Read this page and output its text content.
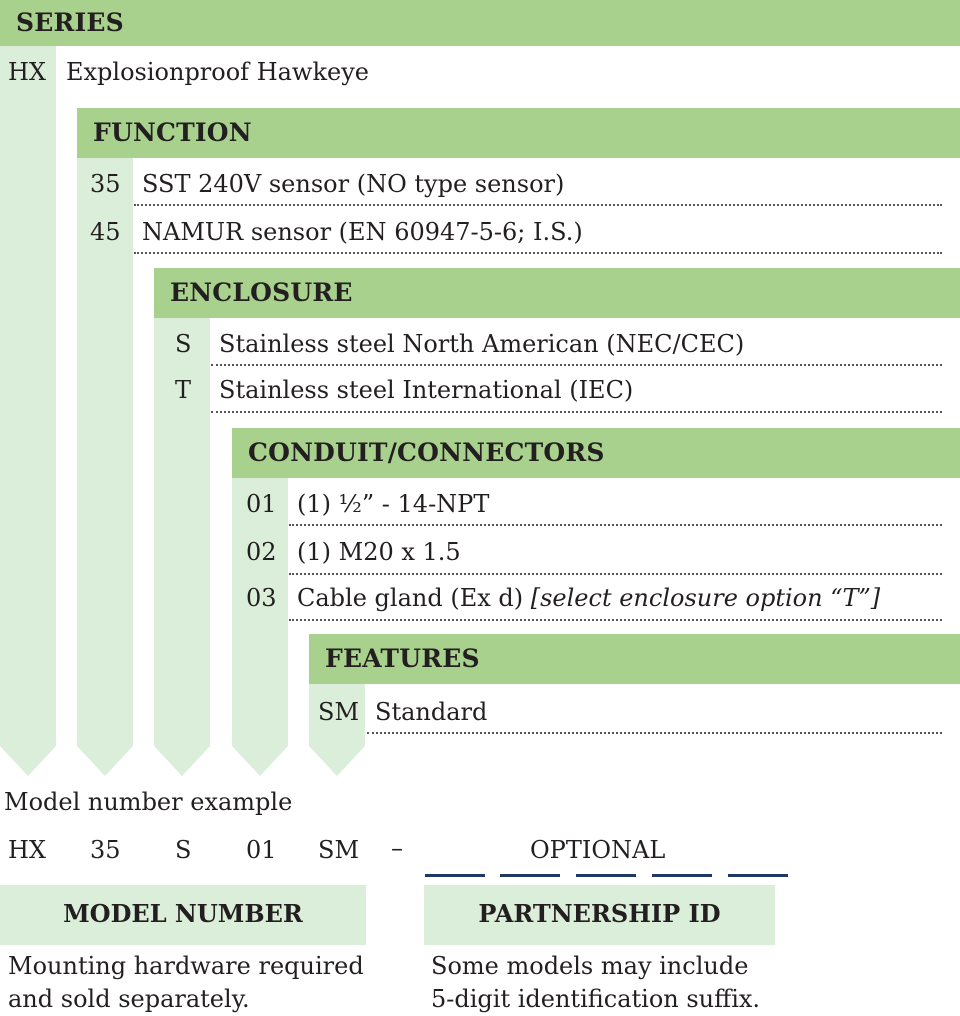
SERIES
HX Explosionproof Hawkeye
FUNCTION
35 SST 240V sensor (NO type sensor)
45 NAMUR sensor (EN 60947-5-6; I.S.)
ENCLOSURE
S Stainless steel North American (NEC/CEC)
T Stainless steel International (IEC)
CONDUIT/CONNECTORS
01 (1) ½” - 14-NPT
02 (1) M20 x 1.5
03 Cable gland (Ex d) [select enclosure option “T”]
FEATURES
SM Standard
Model number example
HX 35 S 01 SM –	OPTIONAL
MODEL NUMBER
Mounting hardware required
and sold separately.
PARTNERSHIP ID
Some models may include
5-digit identification suffix.
